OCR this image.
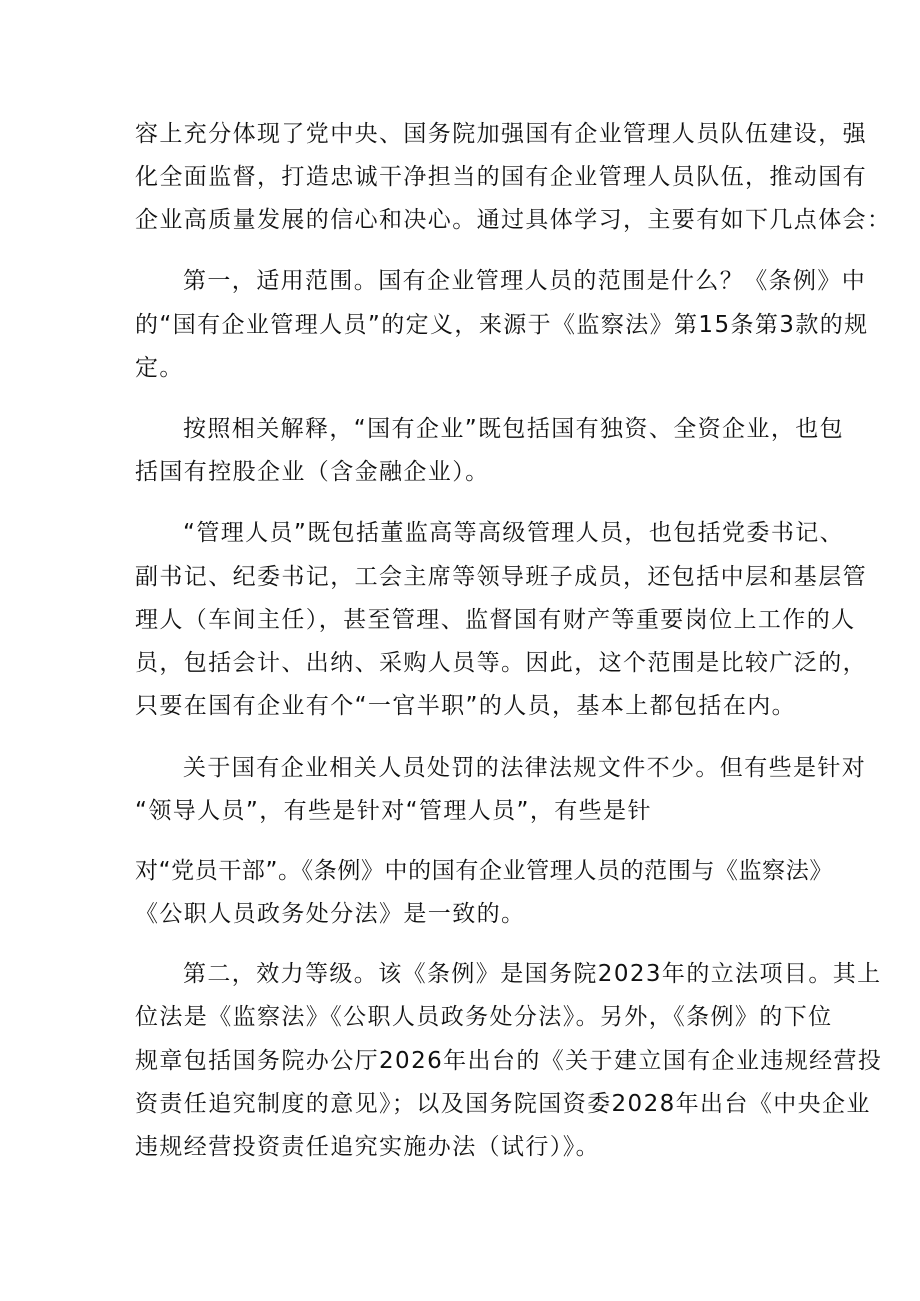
容上充分体现了党中央、国务院加强国有企业管理人员队伍建设，强
化全面监督，打造忠诚干净担当的国有企业管理人员队伍，推动国有
企业高质量发展的信心和决心。通过具体学习，主要有如下几点体会：
第一，适用范围。国有企业管理人员的范围是什么？《条例》中
的“国有企业管理人员”的定义，来源于《监察法》第15条第3款的规
定。
按照相关解释，“国有企业”既包括国有独资、全资企业，也包
括国有控股企业（含金融企业）。
“管理人员”既包括董监高等高级管理人员，也包括党委书记、
副书记、纪委书记，工会主席等领导班子成员，还包括中层和基层管
理人（车间主任），甚至管理、监督国有财产等重要岗位上工作的人
员，包括会计、出纳、采购人员等。因此，这个范围是比较广泛的，
只要在国有企业有个“一官半职”的人员，基本上都包括在内。
关于国有企业相关人员处罚的法律法规文件不少。但有些是针对
“领导人员”，有些是针对“管理人员”，有些是针
对“党员干部”。《条例》中的国有企业管理人员的范围与《监察法》
《公职人员政务处分法》是一致的。
第二，效力等级。该《条例》是国务院2023年的立法项目。其上
位法是《监察法》《公职人员政务处分法》。另外，《条例》的下位
规章包括国务院办公厅2026年出台的《关于建立国有企业违规经营投
资责任追究制度的意见》；以及国务院国资委2028年出台《中央企业
违规经营投资责任追究实施办法（试行）》。
